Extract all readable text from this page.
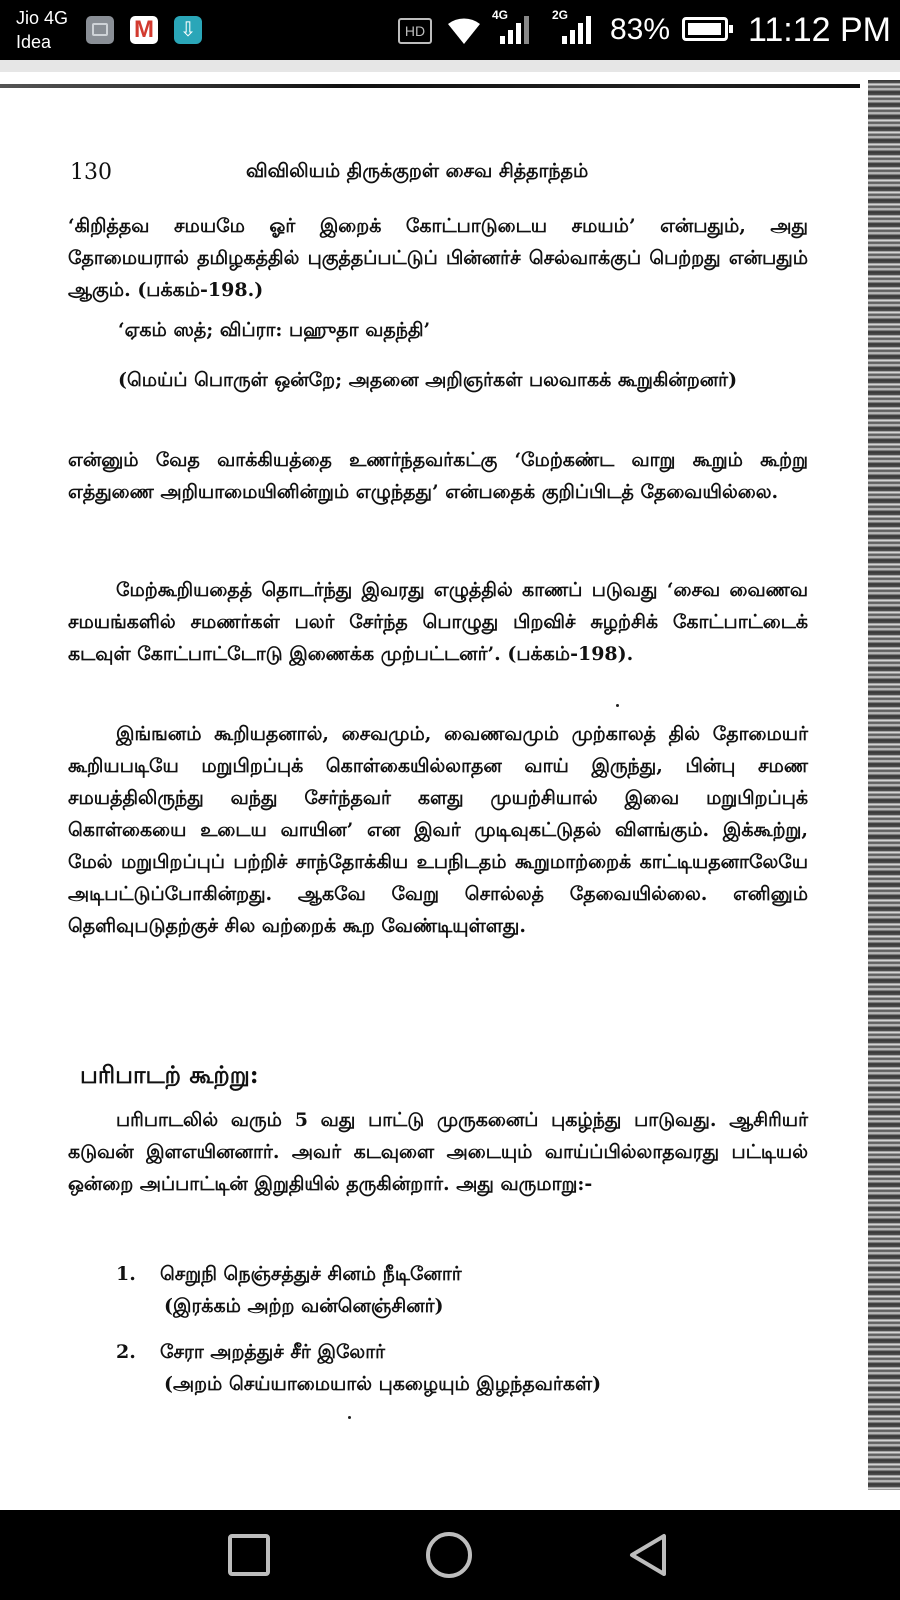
Jio 4G
Idea
M
⇩
HD
4G	2G 83% 11:12 PM
130	விவிலியம் திருக்குறள் சைவ சித்தாந்தம்
‘கிறித்தவ சமயமே ஓர் இறைக் கோட்பாடுடைய சமயம்’ என்பதும், அது தோமையரால் தமிழகத்தில் புகுத்தப்பட்டுப் பின்னர்ச் செல்வாக்குப் பெற்றது என்பதும் ஆகும். (பக்கம்-198.)
‘ஏகம் ஸத்; விப்ரா: பஹுதா வதந்தி’
(மெய்ப் பொருள் ஒன்றே; அதனை அறிஞர்கள் பலவாகக் கூறுகின்றனர்)
என்னும் வேத வாக்கியத்தை உணர்ந்தவர்கட்கு ‘மேற்கண்ட வாறு கூறும் கூற்று எத்துணை அறியாமையினின்றும் எழுந்தது’ என்பதைக் குறிப்பிடத் தேவையில்லை.
மேற்கூறியதைத் தொடர்ந்து இவரது எழுத்தில் காணப் படுவது ‘சைவ வைணவ சமயங்களில் சமணர்கள் பலர் சேர்ந்த பொழுது பிறவிச் சுழற்சிக் கோட்பாட்டைக் கடவுள் கோட்பாட்டோடு இணைக்க முற்பட்டனர்’. (பக்கம்-198).
இங்ஙனம் கூறியதனால், சைவமும், வைணவமும் முற்காலத் தில் தோமையர் கூறியபடியே மறுபிறப்புக் கொள்கையில்லாதன வாய் இருந்து, பின்பு சமண சமயத்திலிருந்து வந்து சேர்ந்தவர் களது முயற்சியால் இவை மறுபிறப்புக் கொள்கையை உடைய வாயின’ என இவர் முடிவுகட்டுதல் விளங்கும். இக்கூற்று, மேல் மறுபிறப்புப் பற்றிச் சாந்தோக்கிய உபநிடதம் கூறுமாற்றைக் காட்டியதனாலேயே அடிபட்டுப்போகின்றது. ஆகவே வேறு சொல்லத் தேவையில்லை. எனினும் தெளிவுபடுதற்குச் சில வற்றைக் கூற வேண்டியுள்ளது.
பரிபாடற் கூற்று:
பரிபாடலில் வரும் 5 வது பாட்டு முருகனைப் புகழ்ந்து பாடுவது. ஆசிரியர் கடுவன் இளஎயினனார். அவர் கடவுளை அடையும் வாய்ப்பில்லாதவரது பட்டியல் ஒன்றை அப்பாட்டின் இறுதியில் தருகின்றார். அது வருமாறு:-
1.	செறுநி நெஞ்சத்துச் சினம் நீடினோர்
(இரக்கம் அற்ற வன்னெஞ்சினர்)
2.	சேரா அறத்துச் சீர் இலோர்
(அறம் செய்யாமையால் புகழையும் இழந்தவர்கள்)
